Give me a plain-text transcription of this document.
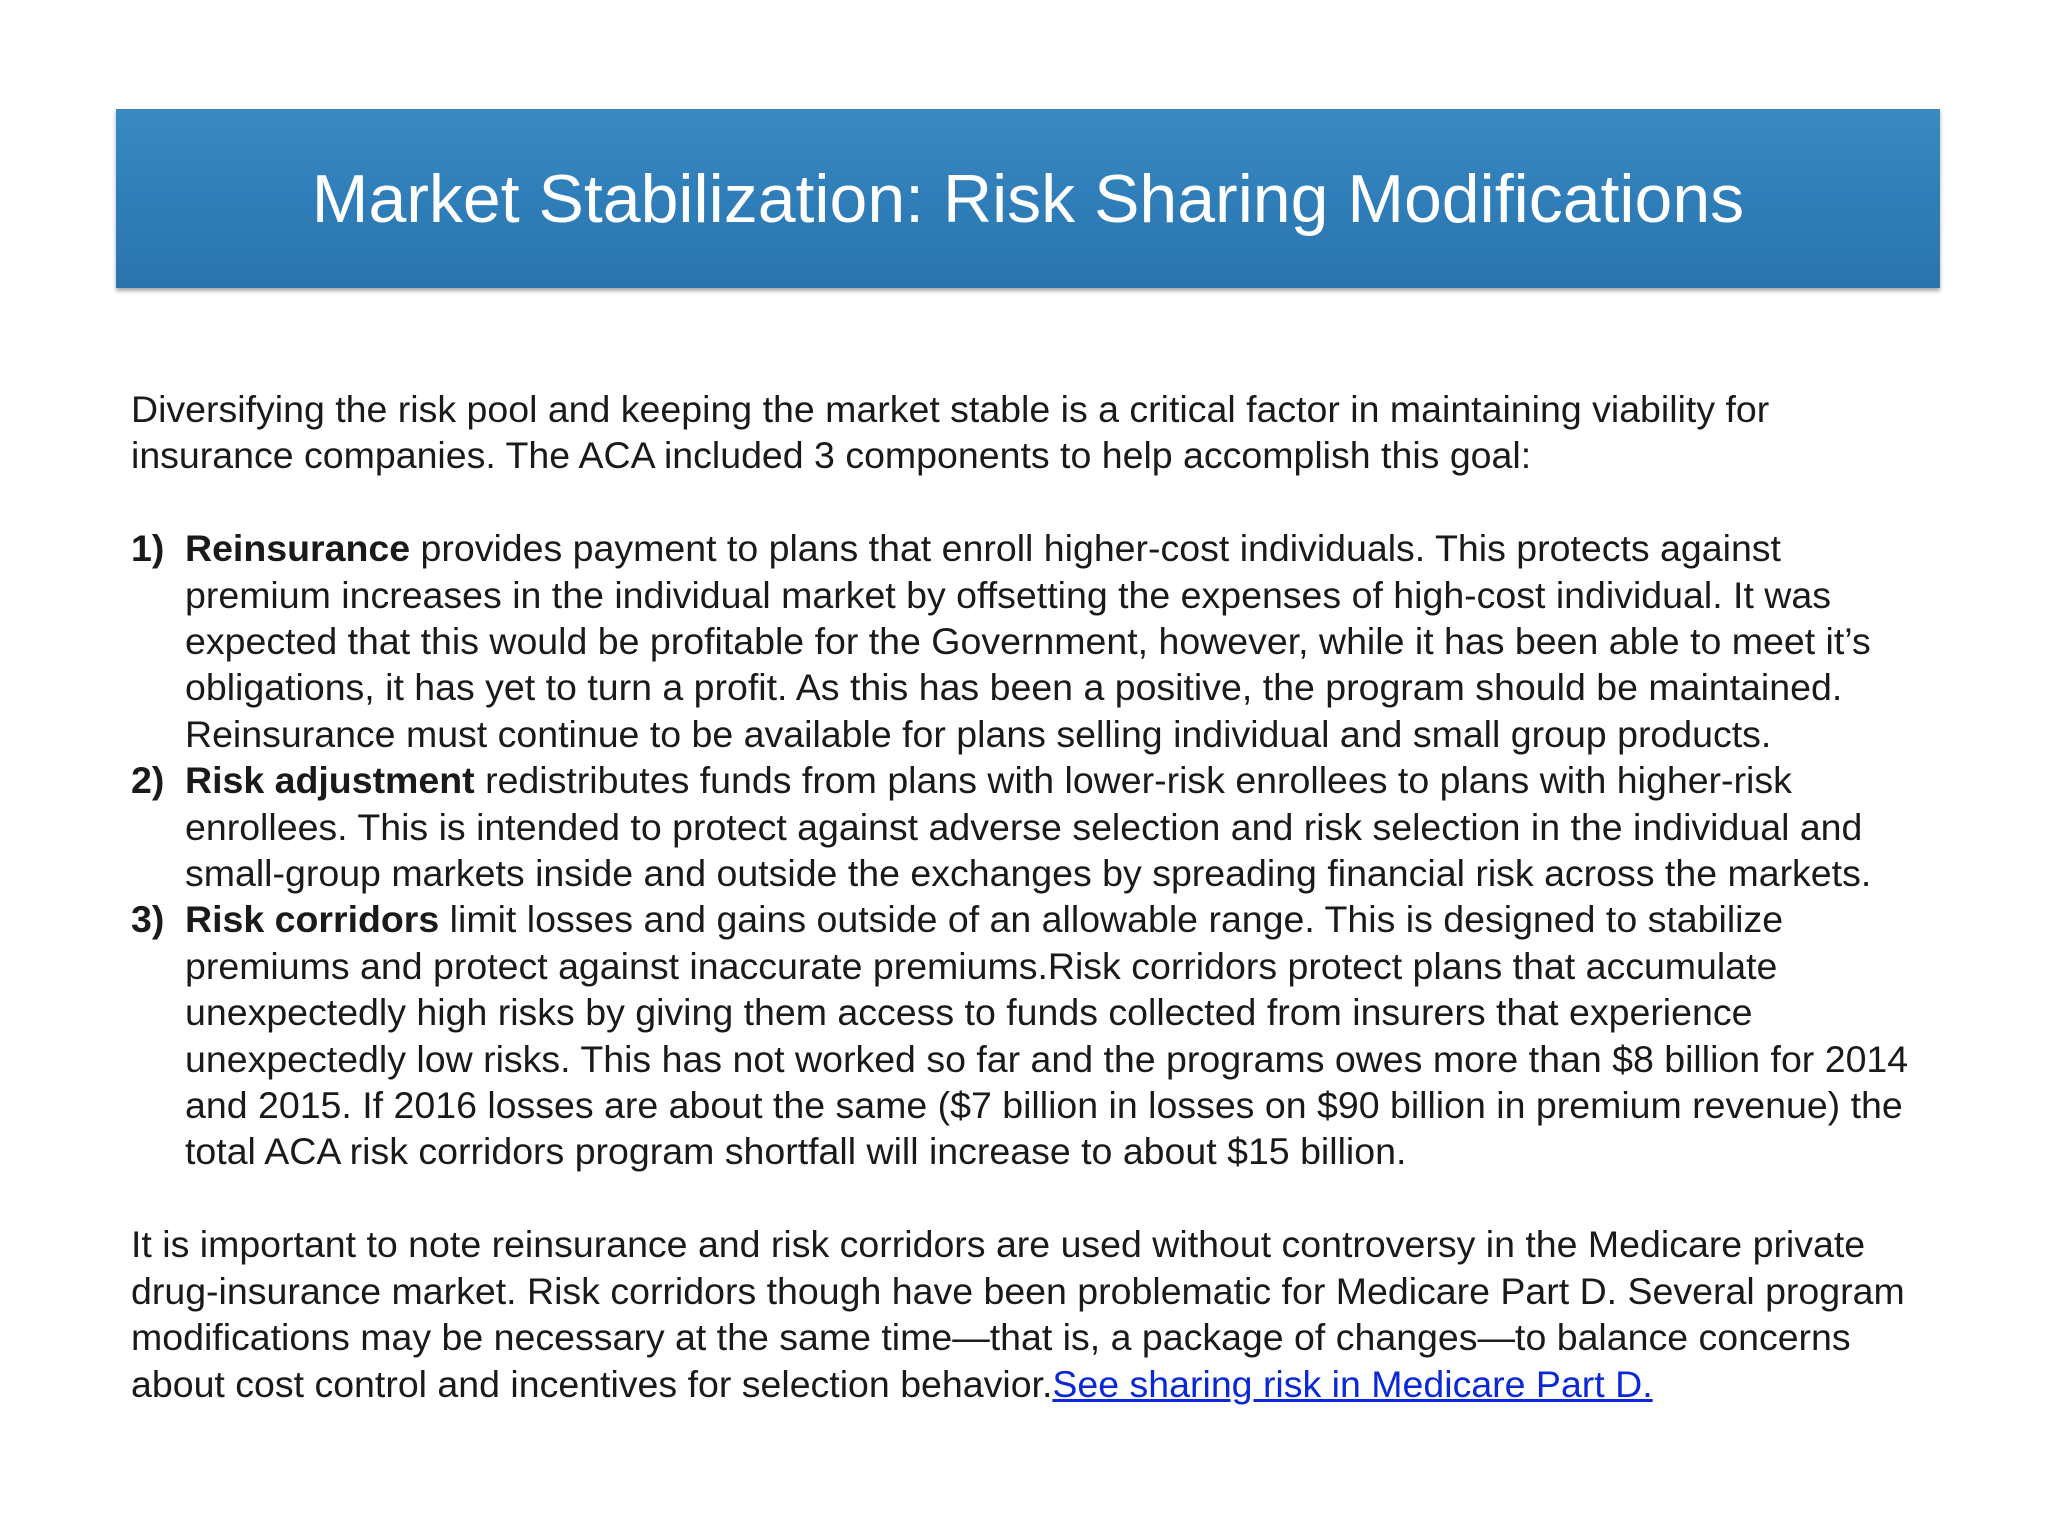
Market Stabilization: Risk Sharing Modifications

Diversifying the risk pool and keeping the market stable is a critical factor in maintaining viability for insurance companies. The ACA included 3 components to help accomplish this goal:

1) Reinsurance provides payment to plans that enroll higher-cost individuals. This protects against premium increases in the individual market by offsetting the expenses of high-cost individual. It was expected that this would be profitable for the Government, however, while it has been able to meet it’s obligations, it has yet to turn a profit. As this has been a positive, the program should be maintained. Reinsurance must continue to be available for plans selling individual and small group products.
2) Risk adjustment redistributes funds from plans with lower-risk enrollees to plans with higher-risk enrollees. This is intended to protect against adverse selection and risk selection in the individual and small-group markets inside and outside the exchanges by spreading financial risk across the markets.
3) Risk corridors limit losses and gains outside of an allowable range. This is designed to stabilize premiums and protect against inaccurate premiums.Risk corridors protect plans that accumulate unexpectedly high risks by giving them access to funds collected from insurers that experience unexpectedly low risks. This has not worked so far and the programs owes more than $8 billion for 2014 and 2015. If 2016 losses are about the same ($7 billion in losses on $90 billion in premium revenue) the total ACA risk corridors program shortfall will increase to about $15 billion.

It is important to note reinsurance and risk corridors are used without controversy in the Medicare private drug-insurance market. Risk corridors though have been problematic for Medicare Part D. Several program modifications may be necessary at the same time—that is, a package of changes—to balance concerns about cost control and incentives for selection behavior.See sharing risk in Medicare Part D.
